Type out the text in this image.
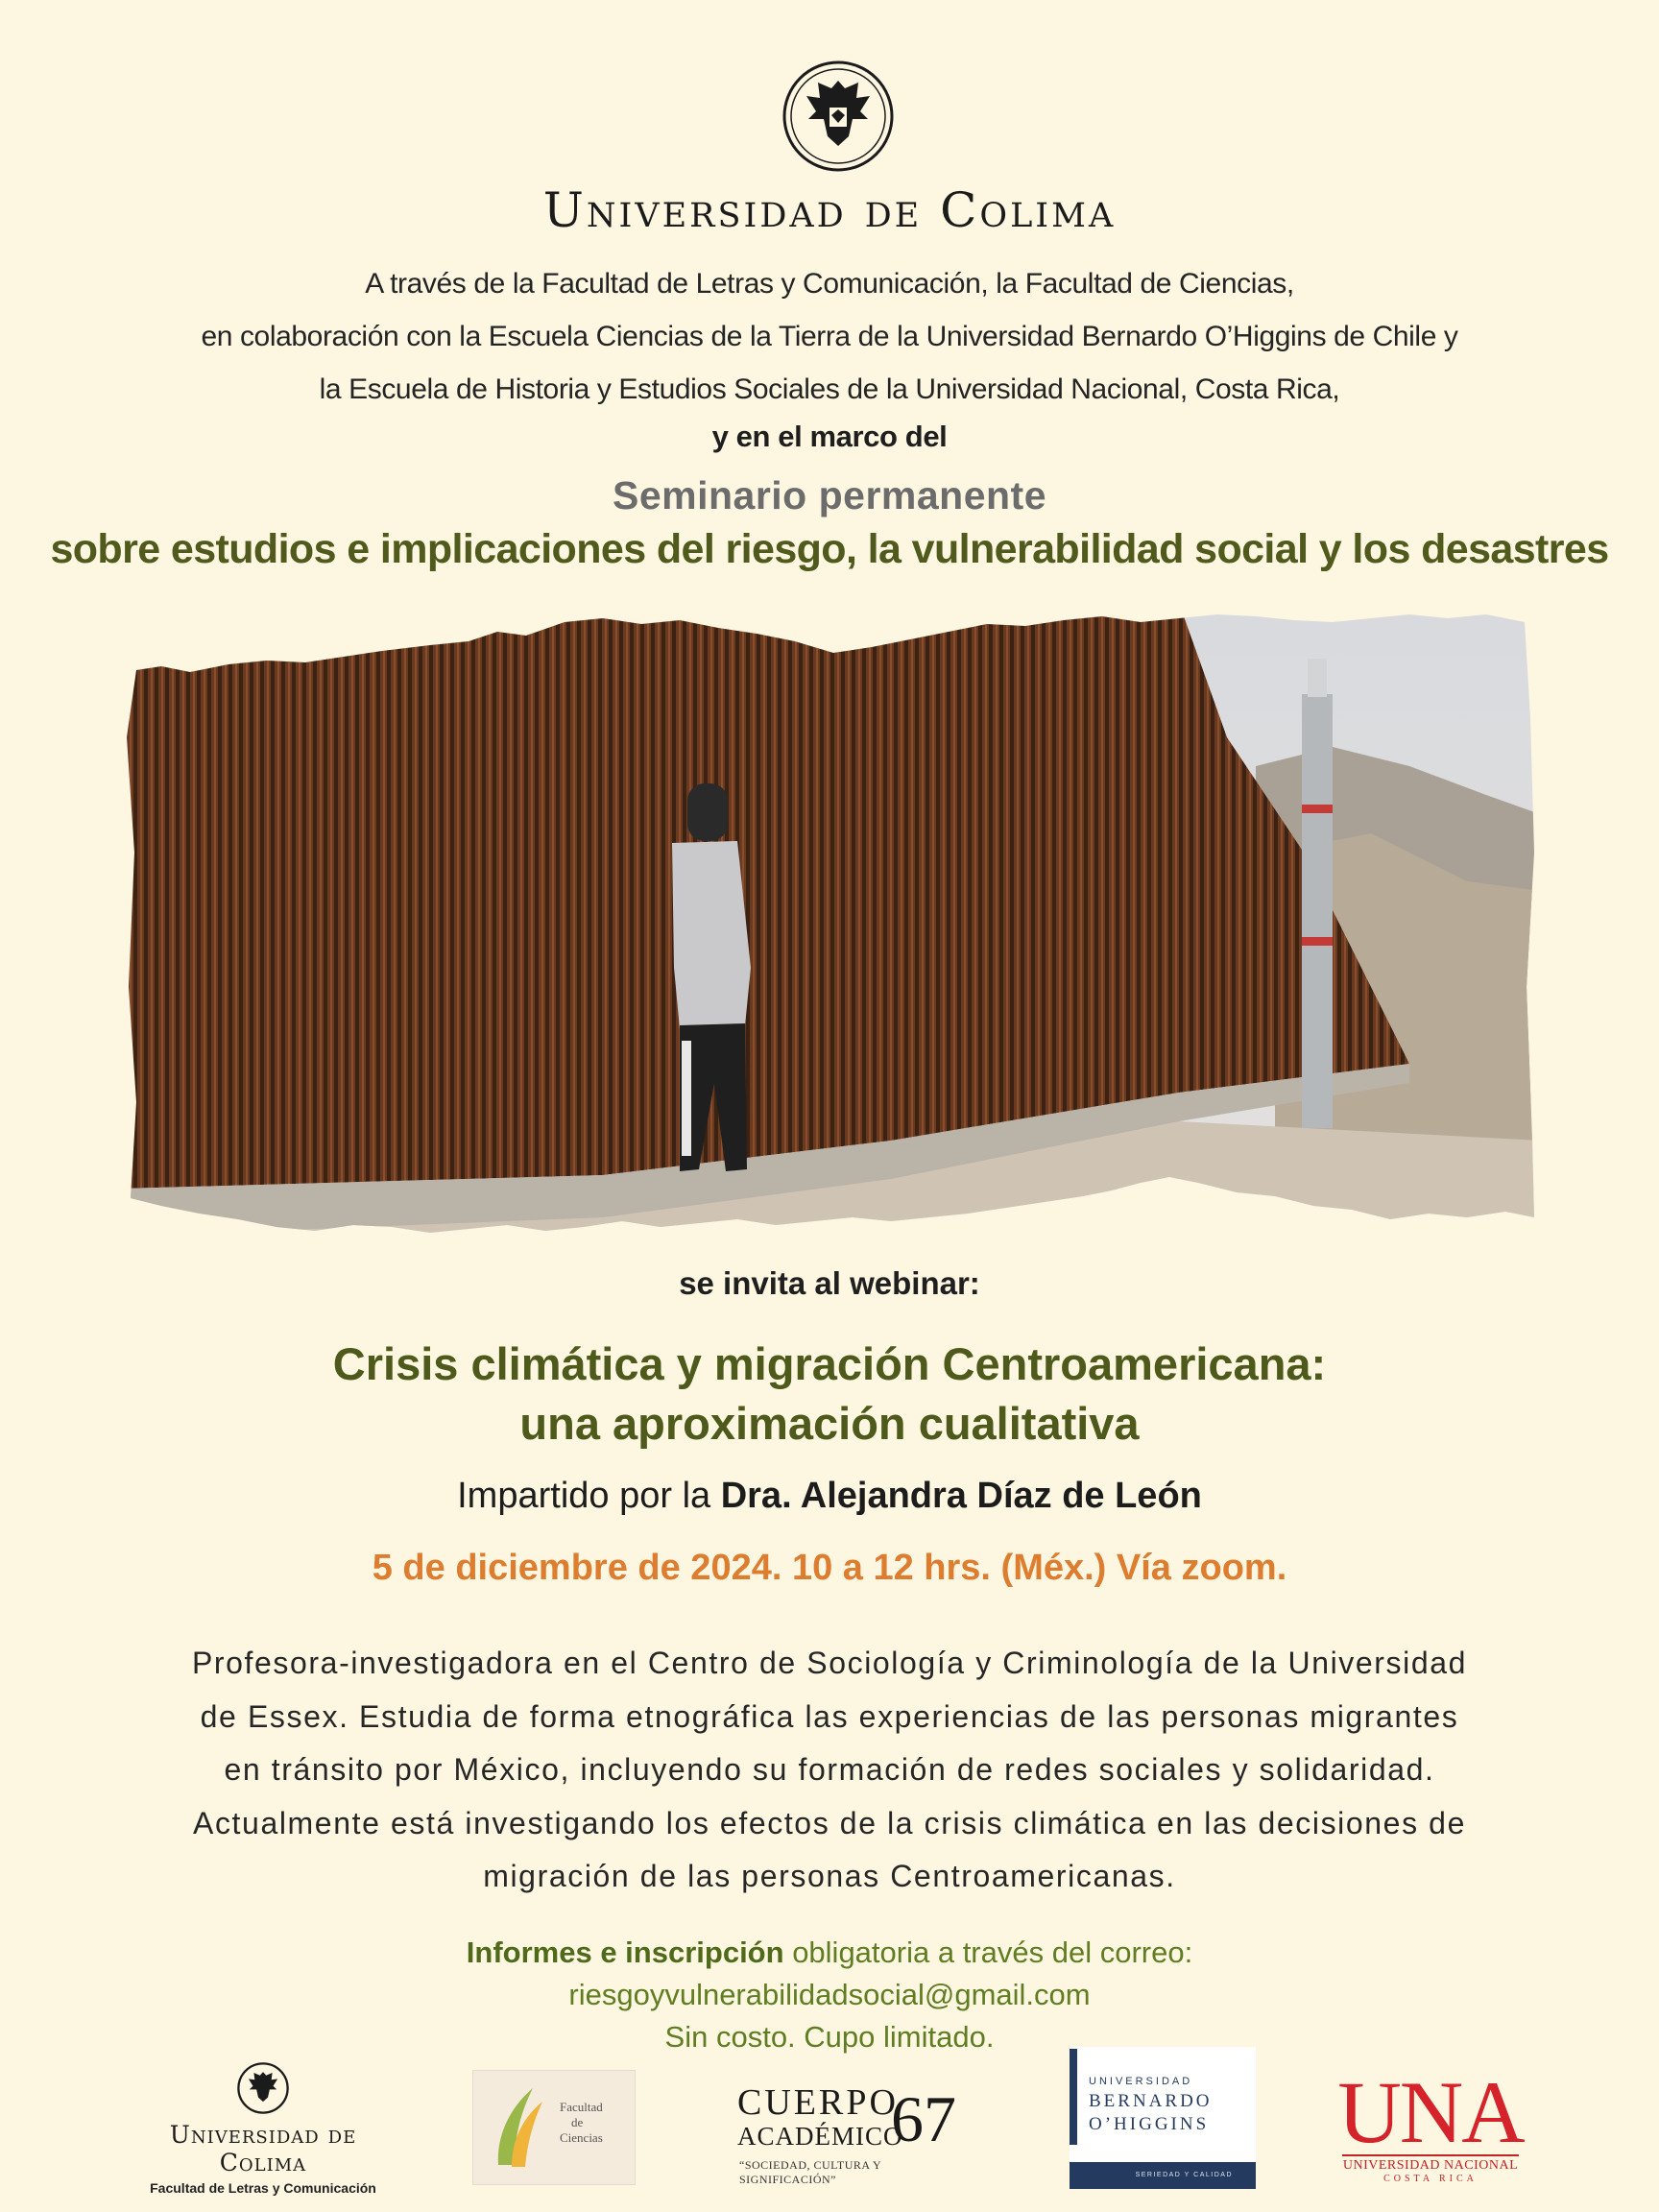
Universidad de Colima
A través de la Facultad de Letras y Comunicación, la Facultad de Ciencias,
en colaboración con la Escuela Ciencias de la Tierra de la Universidad Bernardo O’Higgins de Chile y
la Escuela de Historia y Estudios Sociales de la Universidad Nacional, Costa Rica,
y en el marco del
Seminario permanente
sobre estudios e implicaciones del riesgo, la vulnerabilidad social y los desastres
se invita al webinar:
Crisis climática y migración Centroamericana:
una aproximación cualitativa
Impartido por la Dra. Alejandra Díaz de León
5 de diciembre de 2024. 10 a 12 hrs. (Méx.) Vía zoom.
Profesora-investigadora en el Centro de Sociología y Criminología de la Universidad
de Essex. Estudia de forma etnográfica las experiencias de las personas migrantes
en tránsito por México, incluyendo su formación de redes sociales y solidaridad.
Actualmente está investigando los efectos de la crisis climática en las decisiones de
migración de las personas Centroamericanas.
Informes e inscripción obligatoria a través del correo:
riesgoyvulnerabilidadsocial@gmail.com
Sin costo. Cupo limitado.
Universidad de Colima
Facultad de Letras y Comunicación
Facultad
de
Ciencias
CUERPO
ACADÉMICO
67
“SOCIEDAD, CULTURA Y SIGNIFICACIÓN”
UNIVERSIDAD
BERNARDO
O’HIGGINS
SERIEDAD Y CALIDAD
UNA
UNIVERSIDAD NACIONAL
COSTA RICA
